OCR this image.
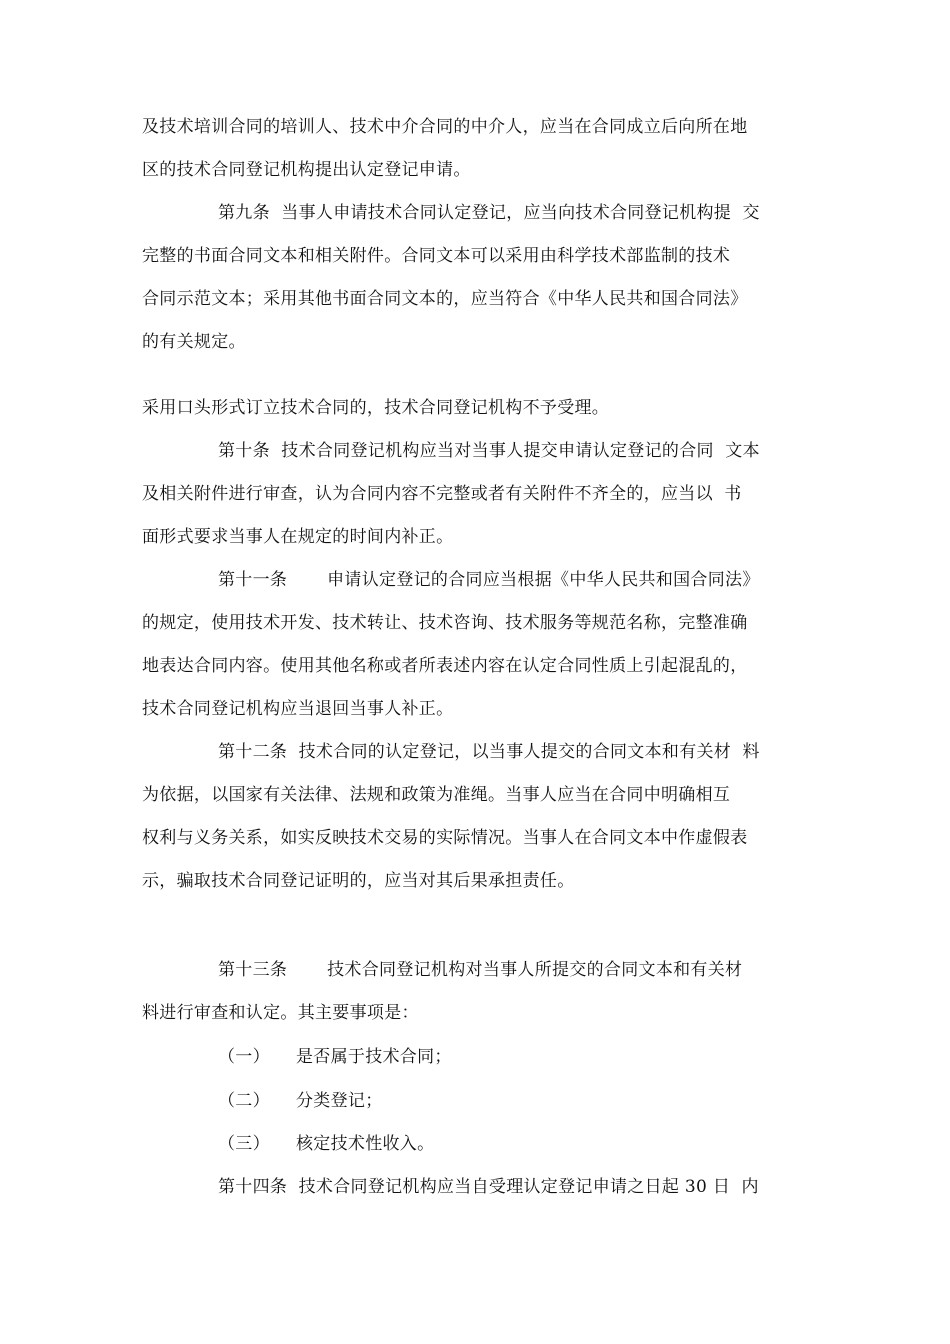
及技术培训合同的培训人、技术中介合同的中介人，应当在合同成立后向所在地
区的技术合同登记机构提出认定登记申请。
第九条  当事人申请技术合同认定登记，应当向技术合同登记机构提  交
完整的书面合同文本和相关附件。合同文本可以采用由科学技术部监制的技术
合同示范文本；采用其他书面合同文本的，应当符合《中华人民共和国合同法》
的有关规定。
采用口头形式订立技术合同的，技术合同登记机构不予受理。
第十条  技术合同登记机构应当对当事人提交申请认定登记的合同  文本
及相关附件进行审查，认为合同内容不完整或者有关附件不齐全的，应当以  书
面形式要求当事人在规定的时间内补正。
第十一条       申请认定登记的合同应当根据《中华人民共和国合同法》
的规定，使用技术开发、技术转让、技术咨询、技术服务等规范名称，完整准确
地表达合同内容。使用其他名称或者所表述内容在认定合同性质上引起混乱的，
技术合同登记机构应当退回当事人补正。
第十二条  技术合同的认定登记，以当事人提交的合同文本和有关材  料
为依据，以国家有关法律、法规和政策为准绳。当事人应当在合同中明确相互
权利与义务关系，如实反映技术交易的实际情况。当事人在合同文本中作虚假表
示，骗取技术合同登记证明的，应当对其后果承担责任。
第十三条       技术合同登记机构对当事人所提交的合同文本和有关材
料进行审查和认定。其主要事项是：
（一） 是否属于技术合同；
（二） 分类登记；
（三） 核定技术性收入。
第十四条  技术合同登记机构应当自受理认定登记申请之日起 30 日  内
